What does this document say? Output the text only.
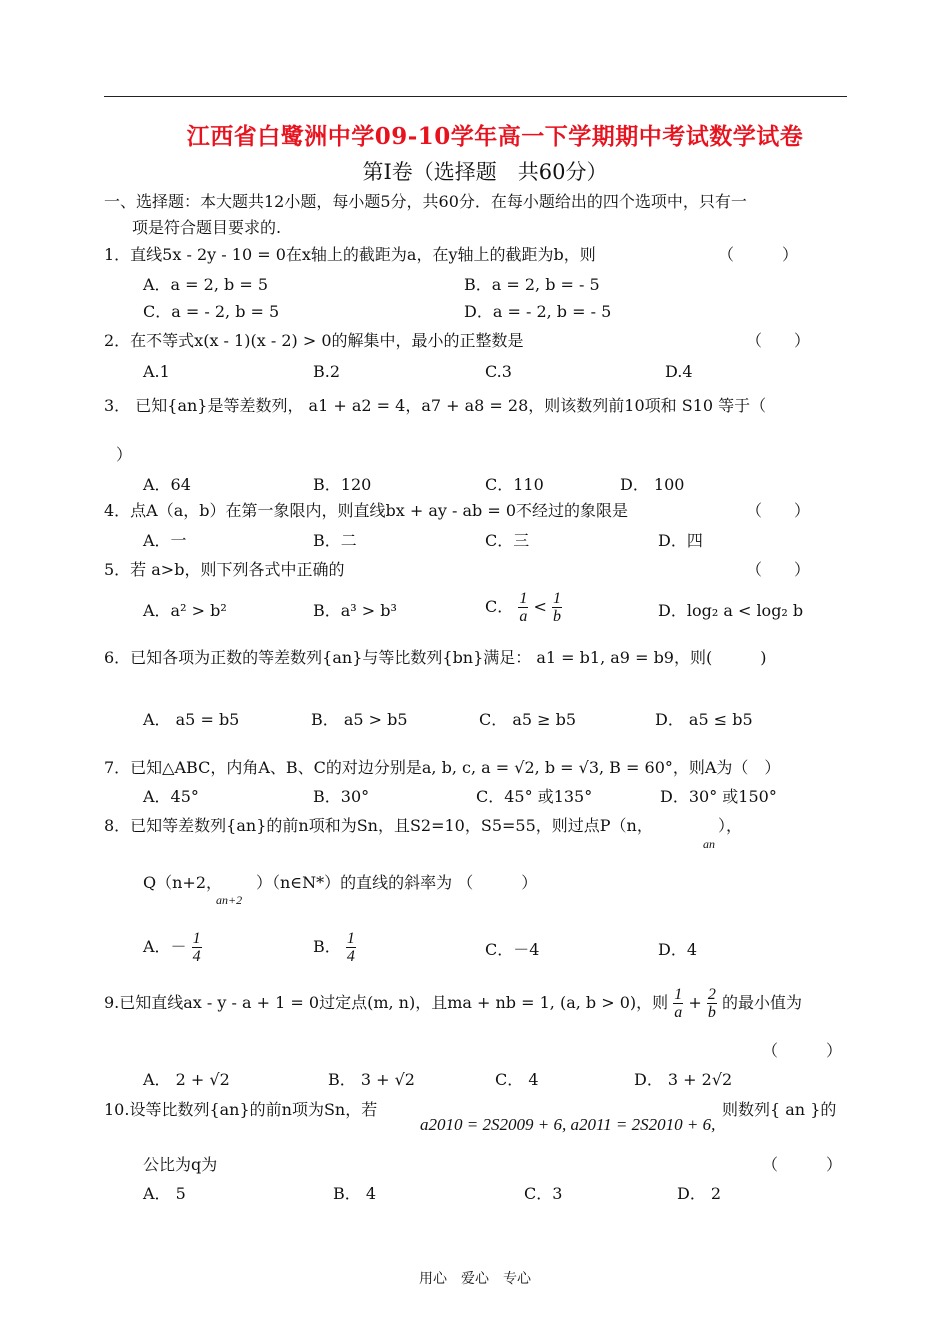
江西省白鹭洲中学09-10学年高一下学期期中考试数学试卷
第Ⅰ卷（选择题　共60分）
一、选择题：本大题共12小题，每小题5分，共60分．在每小题给出的四个选项中，只有一
项是符合题目要求的.
1．直线5x - 2y - 10 = 0在x轴上的截距为a，在y轴上的截距为b，则	（　　　）
A．a = 2, b = 5	B．a = 2, b = - 5
C．a = - 2, b = 5	D．a = - 2, b = - 5
2．在不等式x(x - 1)(x - 2) > 0的解集中，最小的正整数是	（　　）
A.1	B.2	C.3	D.4
3． 已知{an}是等差数列， a1 + a2 = 4，a7 + a8 = 28，则该数列前10项和 S10 等于（
）
A．64	B．120	C．110	D． 100
4．点A（a，b）在第一象限内，则直线bx + ay - ab = 0不经过的象限是	（　　）
A．一	B．二	C．三	D．四
5．若 a>b，则下列各式中正确的	（　　）
A．a² > b²	B．a³ > b³	C． $\frac{1}{a} < \frac{1}{b}$	D．log₂ a < log₂ b
6．已知各项为正数的等差数列{an}与等比数列{bn}满足： a1 = b1, a9 = b9，则(　　　)
A． a5 = b5	B． a5 > b5	C． a5 ≥ b5	D． a5 ≤ b5
7．已知△ABC，内角A、B、C的对边分别是a, b, c, a = √2, b = √3, B = 60°，则A为（　）
A．45°	B．30°	C．45° 或135°	D．30° 或150°
8．已知等差数列{an}的前n项和为Sn，且S2=10，S5=55，则过点P（n，
an
），
Q（n+2，
an+2
）（n∈N*）的直线的斜率为 （　　　）
A．－ $\frac{1}{4}$	B． $\frac{1}{4}$	C．－4	D．4
9.已知直线ax - y - a + 1 = 0过定点(m, n)，且ma + nb = 1, (a, b > 0)，则 $\frac{1}{a} + \frac{2}{b}$ 的最小值为
（　　　）
A． 2 + √2	B． 3 + √2	C． 4	D． 3 + 2√2
10.设等比数列{an}的前n项为Sn，若
a2010 = 2S2009 + 6, a2011 = 2S2010 + 6,
则数列{ an }的
公比为q为	（　　　）
A． 5	B． 4	C．3	D． 2
用心　爱心　专心
